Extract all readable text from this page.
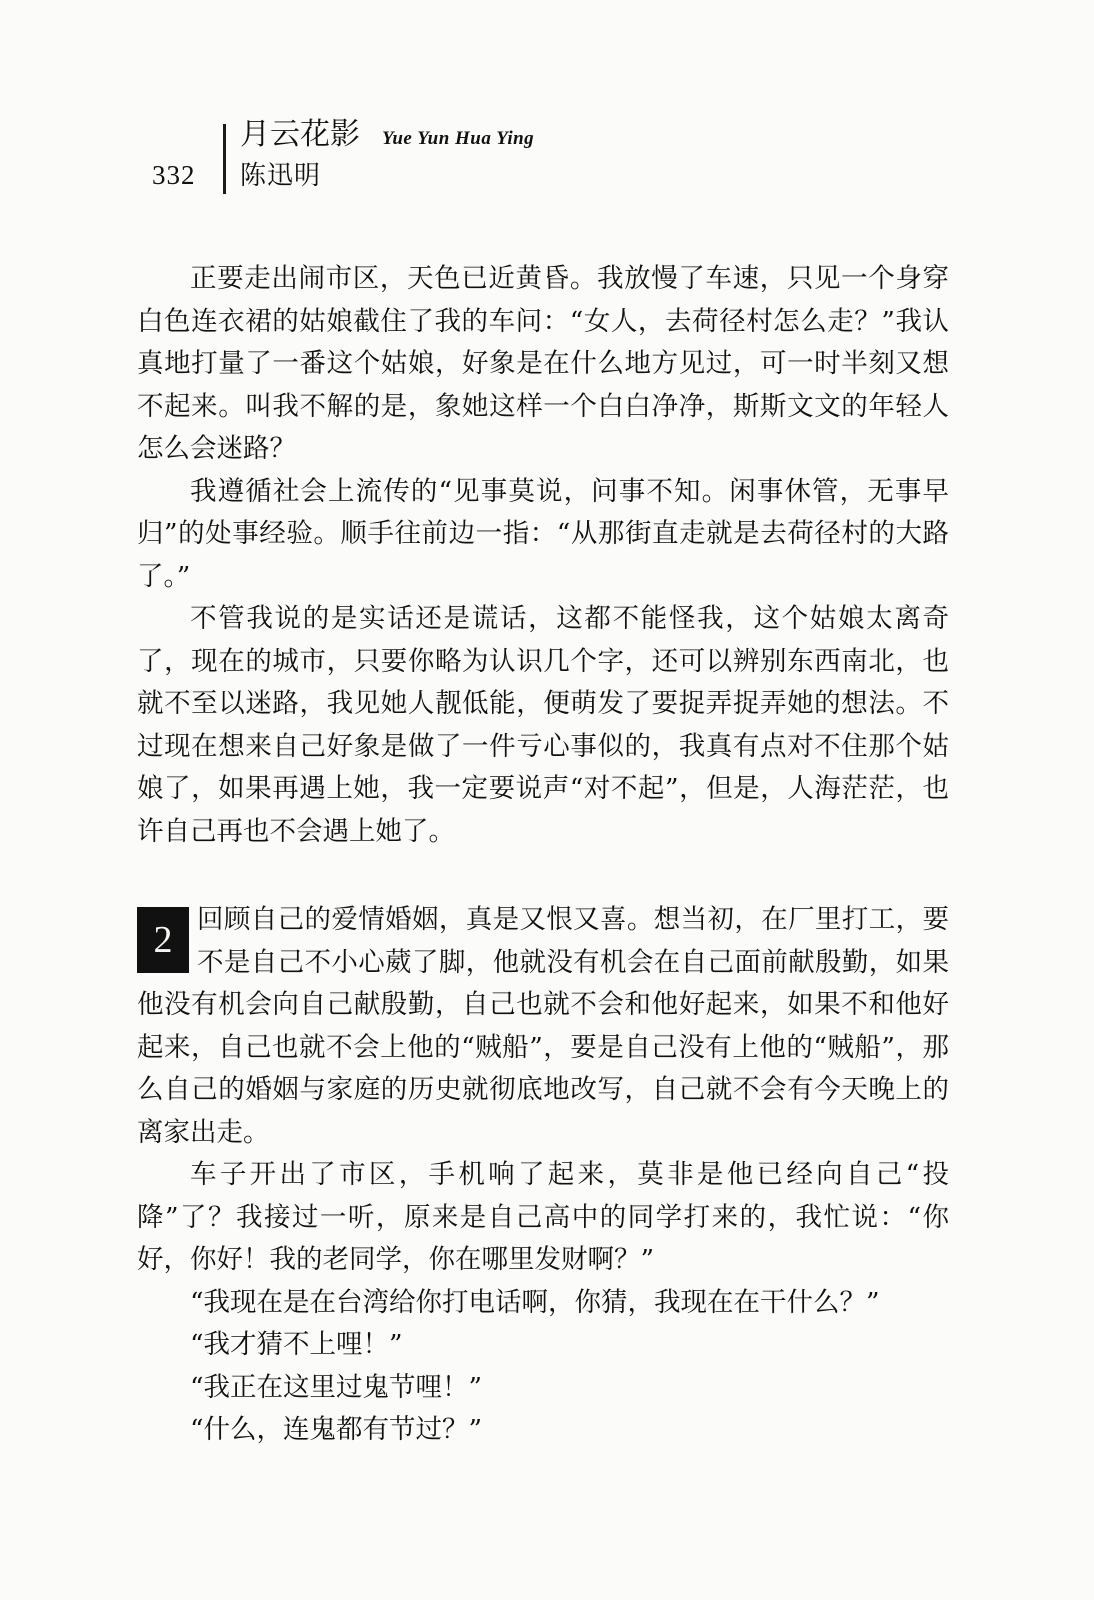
332
月云花影 Yue Yun Hua Ying
陈迅明

正要走出闹市区，天色已近黄昏。我放慢了车速，只见一个身穿白色连衣裙的姑娘截住了我的车问：“女人，去荷径村怎么走？”我认真地打量了一番这个姑娘，好象是在什么地方见过，可一时半刻又想不起来。叫我不解的是，象她这样一个白白净净，斯斯文文的年轻人怎么会迷路？

我遵循社会上流传的“见事莫说，问事不知。闲事休管，无事早归”的处事经验。顺手往前边一指：“从那街直走就是去荷径村的大路了。”

不管我说的是实话还是谎话，这都不能怪我，这个姑娘太离奇了，现在的城市，只要你略为认识几个字，还可以辨别东西南北，也就不至以迷路，我见她人靓低能，便萌发了要捉弄捉弄她的想法。不过现在想来自己好象是做了一件亏心事似的，我真有点对不住那个姑娘了，如果再遇上她，我一定要说声“对不起”，但是，人海茫茫，也许自己再也不会遇上她了。

2 回顾自己的爱情婚姻，真是又恨又喜。想当初，在厂里打工，要不是自己不小心葳了脚，他就没有机会在自己面前献殷勤，如果他没有机会向自己献殷勤，自己也就不会和他好起来，如果不和他好起来，自己也就不会上他的“贼船”，要是自己没有上他的“贼船”，那么自己的婚姻与家庭的历史就彻底地改写，自己就不会有今天晚上的离家出走。

车子开出了市区，手机响了起来，莫非是他已经向自己“投降”了？我接过一听，原来是自己高中的同学打来的，我忙说：“你好，你好！我的老同学，你在哪里发财啊？”

“我现在是在台湾给你打电话啊，你猜，我现在在干什么？”

“我才猜不上哩！”

“我正在这里过鬼节哩！”

“什么，连鬼都有节过？”
